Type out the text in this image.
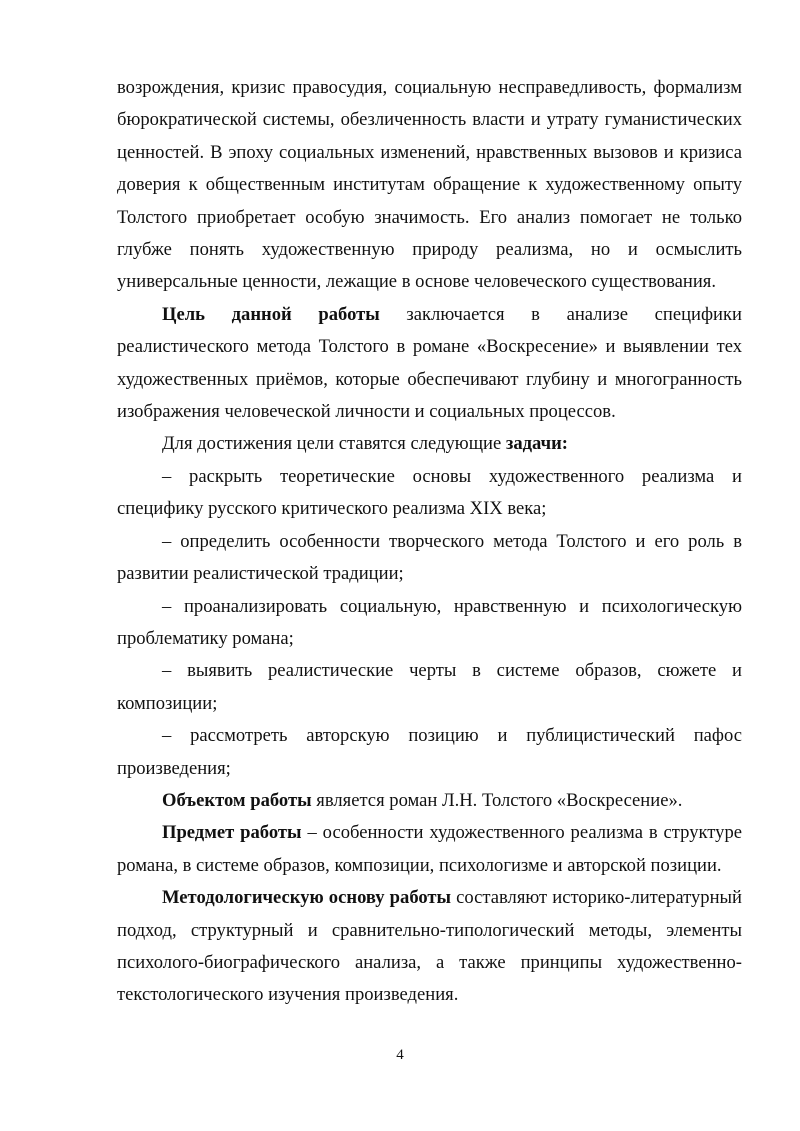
возрождения, кризис правосудия, социальную несправедливость, формализм бюрократической системы, обезличенность власти и утрату гуманистических ценностей. В эпоху социальных изменений, нравственных вызовов и кризиса доверия к общественным институтам обращение к художественному опыту Толстого приобретает особую значимость. Его анализ помогает не только глубже понять художественную природу реализма, но и осмыслить универсальные ценности, лежащие в основе человеческого существования.

Цель данной работы заключается в анализе специфики реалистического метода Толстого в романе «Воскресение» и выявлении тех художественных приёмов, которые обеспечивают глубину и многогранность изображения человеческой личности и социальных процессов.

Для достижения цели ставятся следующие задачи:

– раскрыть теоретические основы художественного реализма и специфику русского критического реализма XIX века;

– определить особенности творческого метода Толстого и его роль в развитии реалистической традиции;

– проанализировать социальную, нравственную и психологическую проблематику романа;

– выявить реалистические черты в системе образов, сюжете и композиции;

– рассмотреть авторскую позицию и публицистический пафос произведения;

Объектом работы является роман Л.Н. Толстого «Воскресение».

Предмет работы – особенности художественного реализма в структуре романа, в системе образов, композиции, психологизме и авторской позиции.

Методологическую основу работы составляют историко-литературный подход, структурный и сравнительно-типологический методы, элементы психолого-биографического анализа, а также принципы художественно-текстологического изучения произведения.

4
